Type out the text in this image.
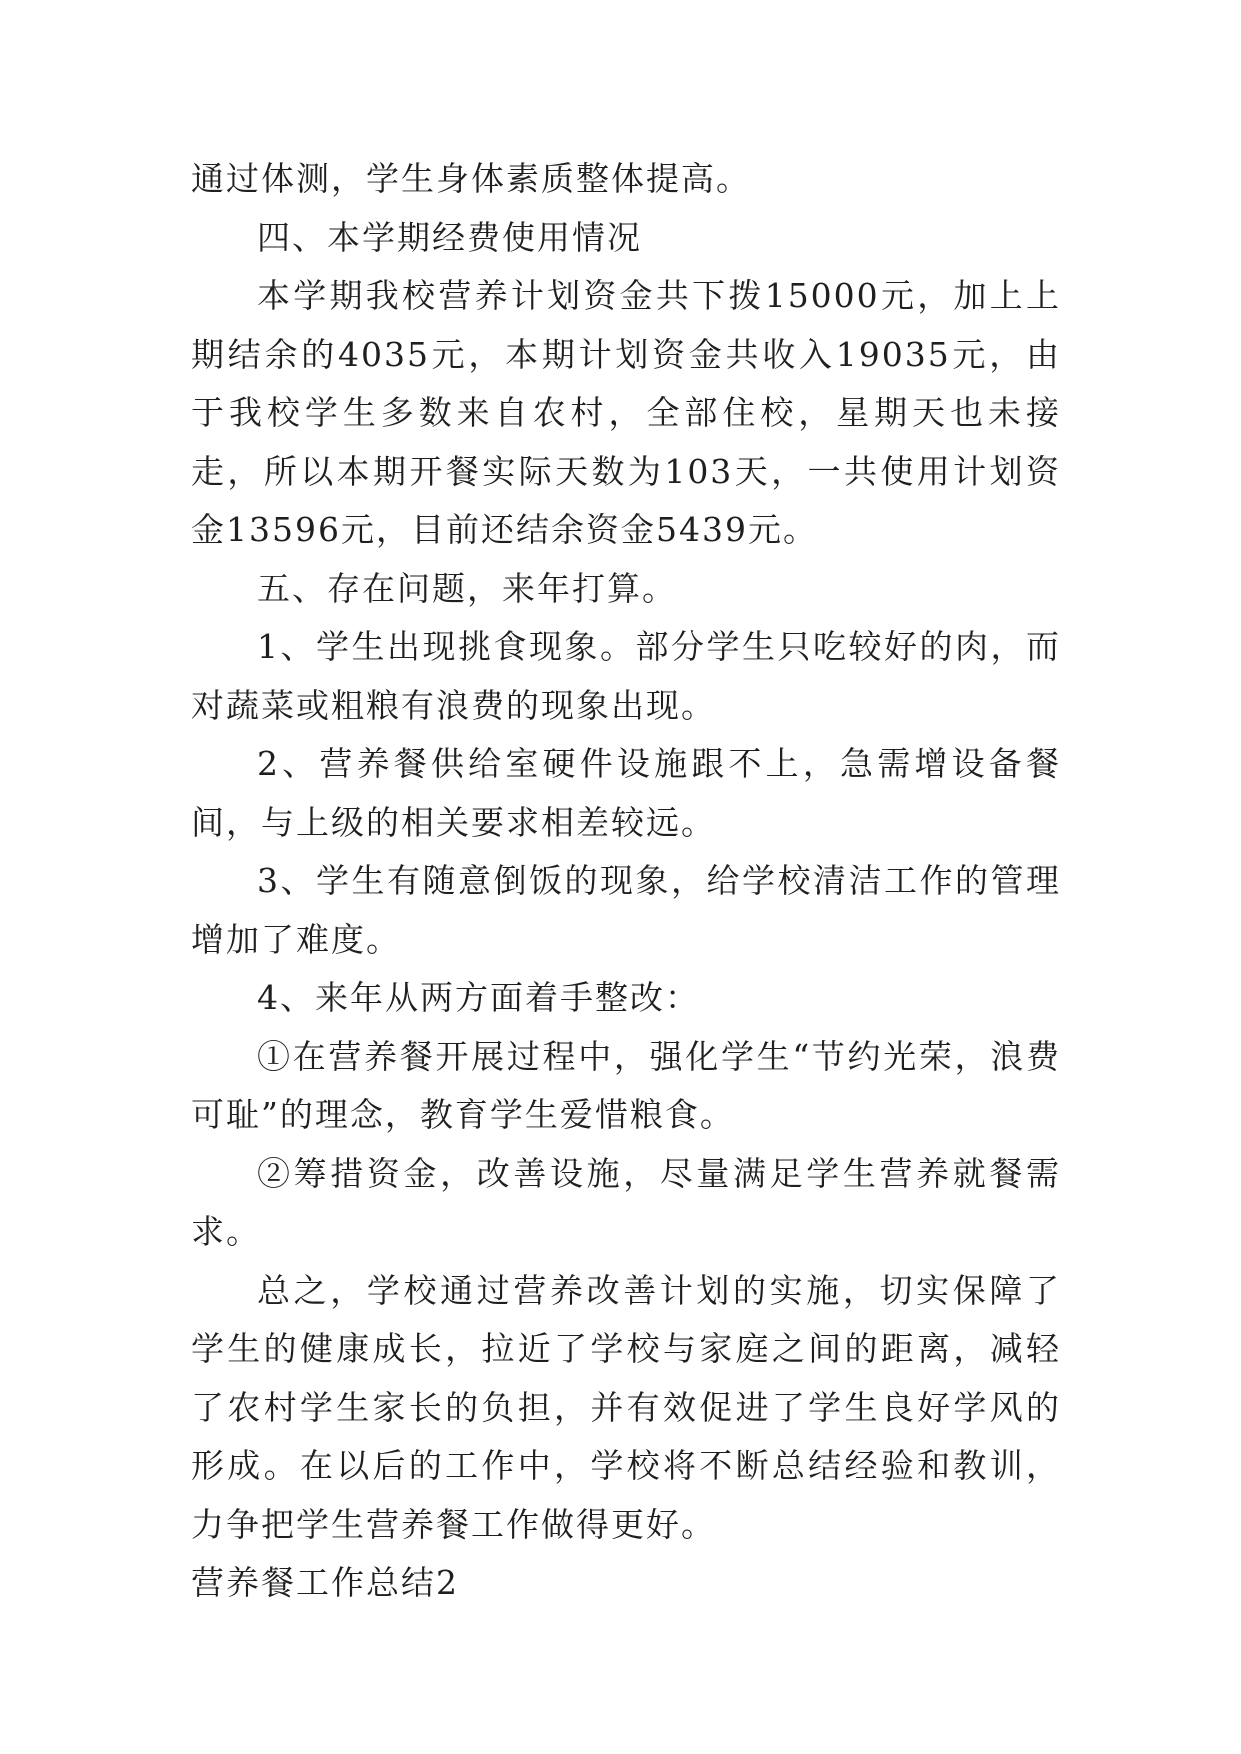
通过体测，学生身体素质整体提高。

四、本学期经费使用情况

本学期我校营养计划资金共下拨15000元，加上上期结余的4035元，本期计划资金共收入19035元，由于我校学生多数来自农村，全部住校，星期天也未接走，所以本期开餐实际天数为103天，一共使用计划资金13596元，目前还结余资金5439元。

五、存在问题，来年打算。

1、学生出现挑食现象。部分学生只吃较好的肉，而对蔬菜或粗粮有浪费的现象出现。

2、营养餐供给室硬件设施跟不上，急需增设备餐间，与上级的相关要求相差较远。

3、学生有随意倒饭的现象，给学校清洁工作的管理增加了难度。

4、来年从两方面着手整改：

①在营养餐开展过程中，强化学生“节约光荣，浪费可耻”的理念，教育学生爱惜粮食。

②筹措资金，改善设施，尽量满足学生营养就餐需求。

总之，学校通过营养改善计划的实施，切实保障了学生的健康成长，拉近了学校与家庭之间的距离，减轻了农村学生家长的负担，并有效促进了学生良好学风的形成。在以后的工作中，学校将不断总结经验和教训，力争把学生营养餐工作做得更好。

营养餐工作总结2
